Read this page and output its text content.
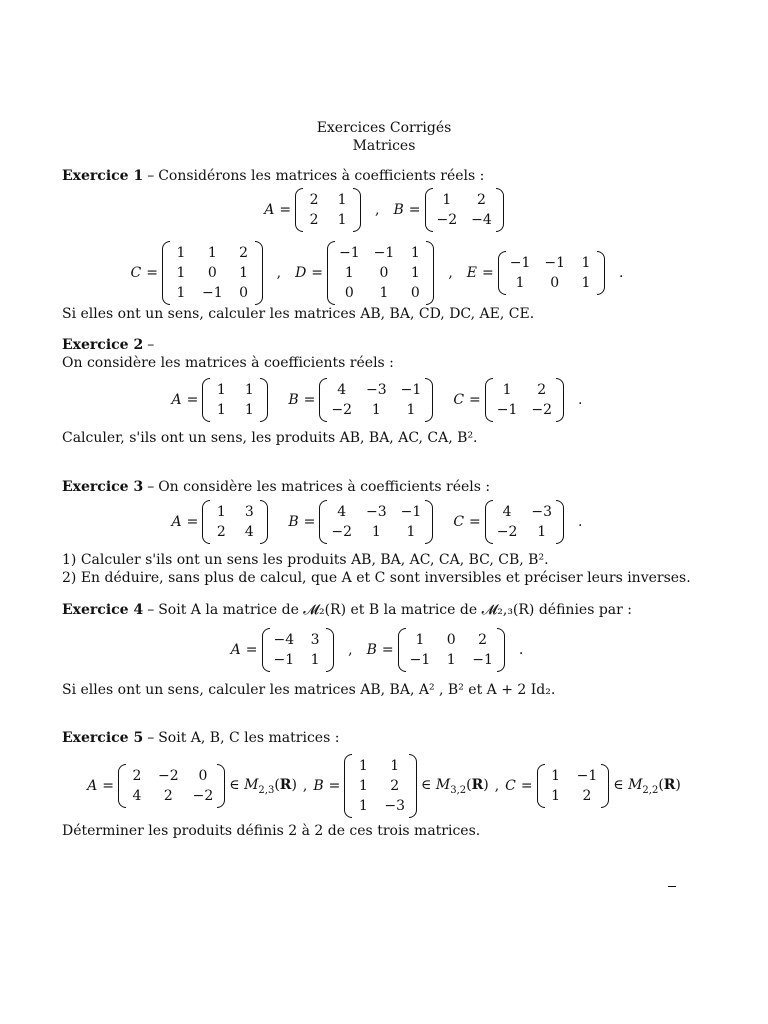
Exercices Corrigés
Matrices
Exercice 1 – Considérons les matrices à coefficients réels :
A =
2 1
2 1
, B =
1	2
−2 −4
C =
1	1	2
1	0	1
1 −1 0
, D =
−1 −1 1
1	0	1
0	1	0
, E =
−1 −1 1
1	0	1
.
Si elles ont un sens, calculer les matrices AB, BA, CD, DC, AE, CE.
Exercice 2 –
On considère les matrices à coefficients réels :
A =
1 1
1 1
B =
4	−3 −1
−2	1	1
C =
1	2
−1 −2
.
Calculer, s'ils ont un sens, les produits AB, BA, AC, CA, B².
Exercice 3 – On considère les matrices à coefficients réels :
A =
1 3
2 4
B =
4	−3 −1
−2	1	1
C =
4	−3
−2	1
.
1) Calculer s'ils ont un sens les produits AB, BA, AC, CA, BC, CB, B².
2) En déduire, sans plus de calcul, que A et C sont inversibles et préciser leurs inverses.
Exercice 4 – Soit A la matrice de 𝓜₂(R) et B la matrice de 𝓜₂,₃(R) définies par :
A =
−4 3
−1 1
, B =
1	0	2
−1 1 −1
.
Si elles ont un sens, calculer les matrices AB, BA, A² , B² et A + 2 Id₂.
Exercice 5 – Soit A, B, C les matrices :
A =
2 −2	0
4	2	−2
∈ $M_{2,3}(R)$ , B =
1	1
1	2
1 −3
∈ $M_{3,2}(R)$ , C =
1 −1
1	2
∈ $M_{2,2}(R)$
Déterminer les produits définis 2 à 2 de ces trois matrices.
